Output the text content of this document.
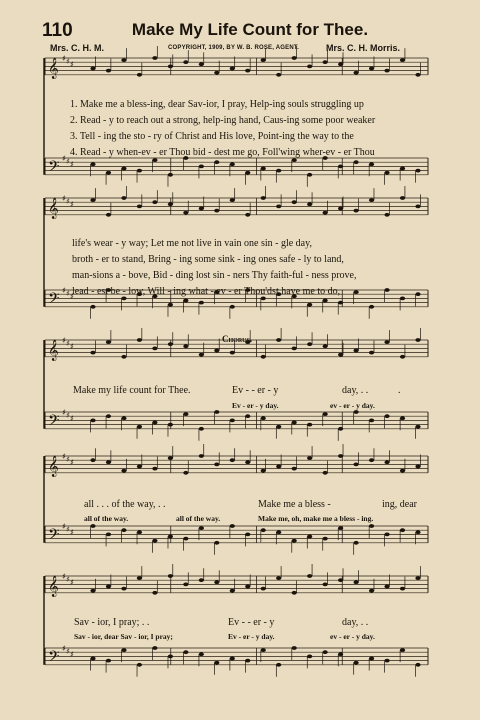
110	Make My Life Count for Thee.
Mrs. C. H. M.	COPYRIGHT, 1909, BY W. B. ROSE, AGENT.	Mrs. C. H. Morris.
𝄞 ♯ ♯ ♯
𝄢 ♯ ♯ ♯
𝄞 ♯ ♯ ♯
𝄢 ♯ ♯ ♯
𝄞 ♯ ♯ ♯
𝄢 ♯ ♯ ♯
𝄞 ♯ ♯ ♯
𝄢 ♯ ♯ ♯
𝄞 ♯ ♯ ♯
𝄢 ♯ ♯ ♯
1. Make me a bless-ing, dear Sav-ior, I pray, Help-ing souls struggling up
2. Read - y to reach out a strong, help-ing hand, Caus-ing some poor weaker
3. Tell - ing the sto - ry of Christ and His love, Point-ing the way to the
4. Read - y when-ev - er Thou bid - dest me go, Foll'wing wher-ev - er Thou
life's wear - y way; Let me not live in vain one sin - gle day,
broth - er to stand, Bring - ing some sink - ing ones safe - ly to land,
man-sions a - bove, Bid - ding lost sin - ners Thy faith-ful - ness prove,
lead - est be - low, Will - ing what - ev - er Thou'dst have me to do,
Chorus.
Make my life count for Thee.	Ev - - er - y	day, . .	.
Ev - er - y day.	ev - er - y day.
all . . . of the way, . .	Make me a bless -	ing, dear
all of the way.	all of the way.	Make me, oh, make me a bless - ing.
Sav - ior, I pray; . .	Ev - - er - y	day, . .
Sav - ior, dear Sav - ior, I pray;	Ev - er - y day.	ev - er - y day.
